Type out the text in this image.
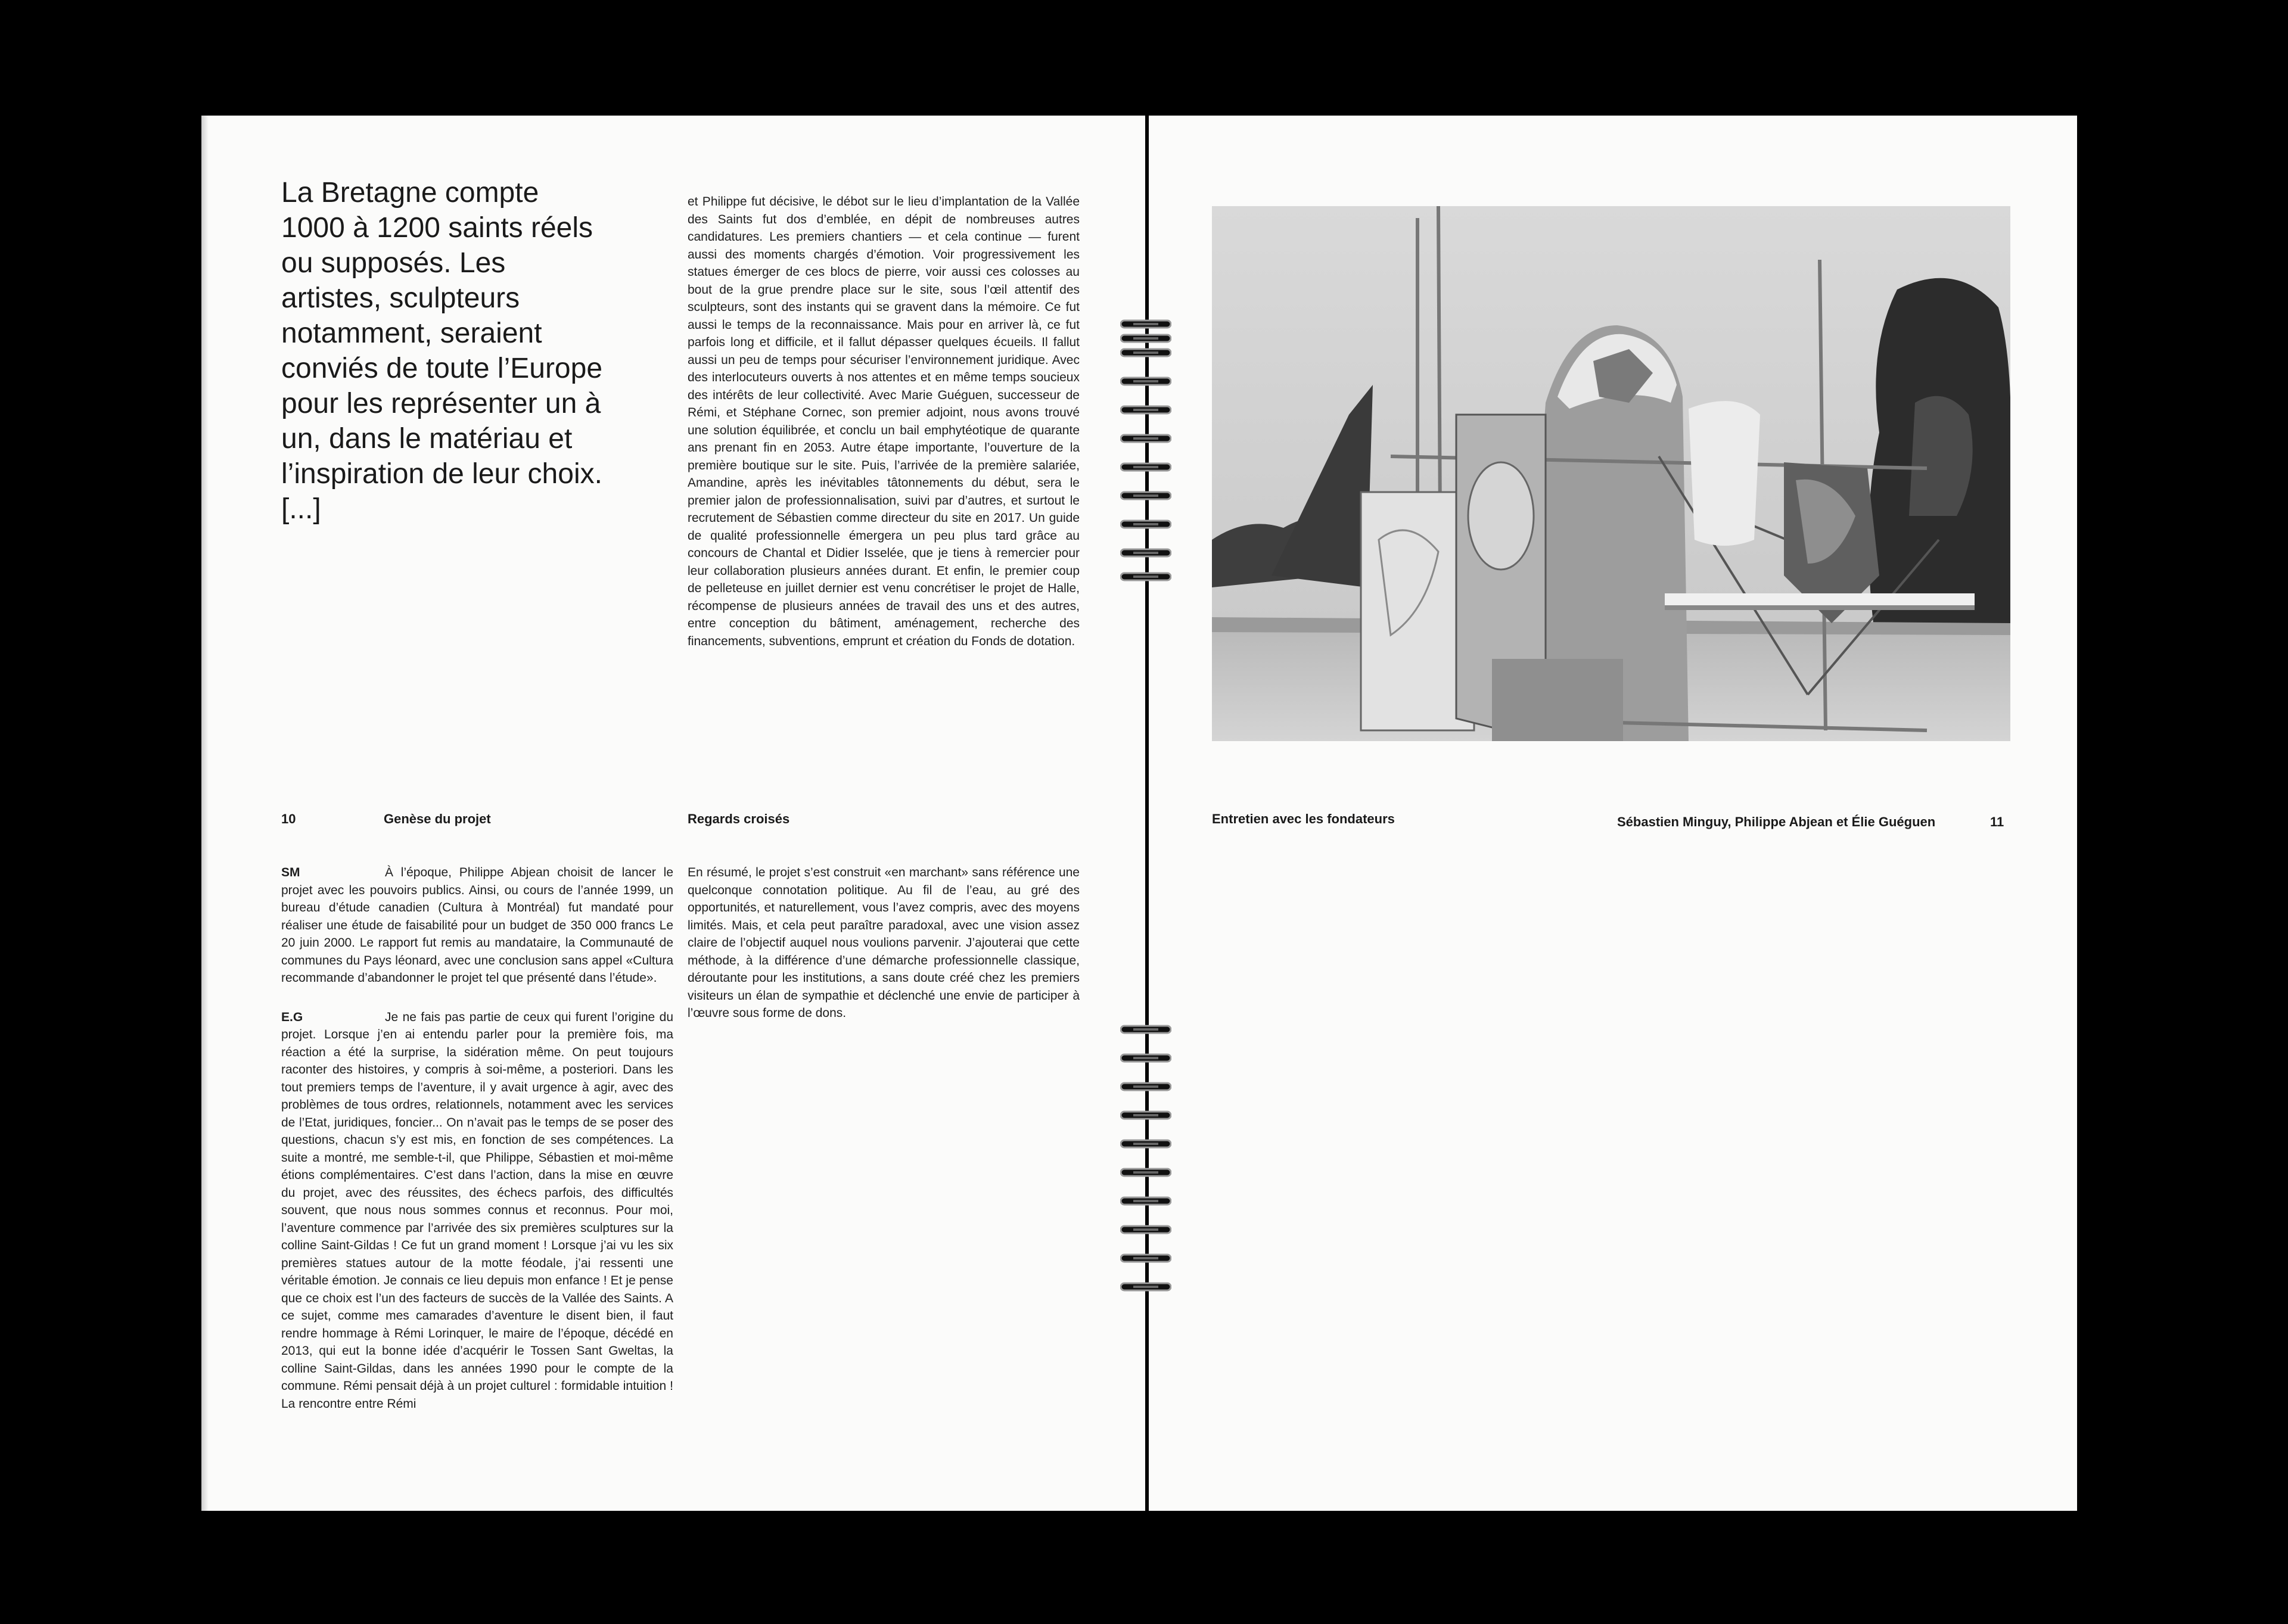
La Bretagne compte 1000 à 1200 saints réels ou supposés. Les artistes, sculpteurs notamment, seraient conviés de toute l’Europe pour les représenter un à un, dans le matériau et l’inspiration de leur choix. [...]

et Philippe fut décisive, le débot sur le lieu d’implantation de la Vallée des Saints fut dos d’emblée, en dépit de nombreuses autres candidatures. Les premiers chantiers — et cela continue — furent aussi des moments chargés d’émotion. Voir progressivement les statues émerger de ces blocs de pierre, voir aussi ces colosses au bout de la grue prendre place sur le site, sous l’œil attentif des sculpteurs, sont des instants qui se gravent dans la mémoire. Ce fut aussi le temps de la reconnaissance. Mais pour en arriver là, ce fut parfois long et difficile, et il fallut dépasser quelques écueils. Il fallut aussi un peu de temps pour sécuriser l’environnement juridique. Avec des interlocuteurs ouverts à nos attentes et en même temps soucieux des intérêts de leur collectivité. Avec Marie Guéguen, successeur de Rémi, et Stéphane Cornec, son premier adjoint, nous avons trouvé une solution équilibrée, et conclu un bail emphytéotique de quarante ans prenant fin en 2053. Autre étape importante, l’ouverture de la première boutique sur le site. Puis, l’arrivée de la première salariée, Amandine, après les inévitables tâtonnements du début, sera le premier jalon de professionnalisation, suivi par d’autres, et surtout le recrutement de Sébastien comme directeur du site en 2017. Un guide de qualité professionnelle émergera un peu plus tard grâce au concours de Chantal et Didier Isselée, que je tiens à remercier pour leur collaboration plusieurs années durant. Et enfin, le premier coup de pelleteuse en juillet dernier est venu concrétiser le projet de Halle, récompense de plusieurs années de travail des uns et des autres, entre conception du bâtiment, aménagement, recherche des financements, subventions, emprunt et création du Fonds de dotation.

10	Genèse du projet	Regards croisés

SM	À l’époque, Philippe Abjean choisit de lancer le projet avec les pouvoirs publics. Ainsi, ou cours de l’année 1999, un bureau d’étude canadien (Cultura à Montréal) fut mandaté pour réaliser une étude de faisabilité pour un budget de 350 000 francs Le 20 juin 2000. Le rapport fut remis au mandataire, la Communauté de communes du Pays léonard, avec une conclusion sans appel «Cultura recommande d’abandonner le projet tel que présenté dans l’étude».

E.G	Je ne fais pas partie de ceux qui furent l’origine du projet. Lorsque j’en ai entendu parler pour la première fois, ma réaction a été la surprise, la sidération même. On peut toujours raconter des histoires, y compris à soi-même, a posteriori. Dans les tout premiers temps de l’aventure, il y avait urgence à agir, avec des problèmes de tous ordres, relationnels, notamment avec les services de l’Etat, juridiques, foncier... On n’avait pas le temps de se poser des questions, chacun s’y est mis, en fonction de ses compétences. La suite a montré, me semble-t-il, que Philippe, Sébastien et moi-même étions complémentaires. C’est dans l’action, dans la mise en œuvre du projet, avec des réussites, des échecs parfois, des difficultés souvent, que nous nous sommes connus et reconnus. Pour moi, l’aventure commence par l’arrivée des six premières sculptures sur la colline Saint-Gildas ! Ce fut un grand moment ! Lorsque j’ai vu les six premières statues autour de la motte féodale, j’ai ressenti une véritable émotion. Je connais ce lieu depuis mon enfance ! Et je pense que ce choix est l’un des facteurs de succès de la Vallée des Saints. A ce sujet, comme mes camarades d’aventure le disent bien, il faut rendre hommage à Rémi Lorinquer, le maire de l’époque, décédé en 2013, qui eut la bonne idée d’acquérir le Tossen Sant Gweltas, la colline Saint-Gildas, dans les années 1990 pour le compte de la commune. Rémi pensait déjà à un projet culturel : formidable intuition ! La rencontre entre Rémi

En résumé, le projet s’est construit «en marchant» sans référence une quelconque connotation politique. Au fil de l’eau, au gré des opportunités, et naturellement, vous l’avez compris, avec des moyens limités. Mais, et cela peut paraître paradoxal, avec une vision assez claire de l’objectif auquel nous voulions parvenir. J’ajouterai que cette méthode, à la différence d’une démarche professionnelle classique, déroutante pour les institutions, a sans doute créé chez les premiers visiteurs un élan de sympathie et déclenché une envie de participer à l’œuvre sous forme de dons.

Entretien avec les fondateurs	Sébastien Minguy, Philippe Abjean et Élie Guéguen	11
